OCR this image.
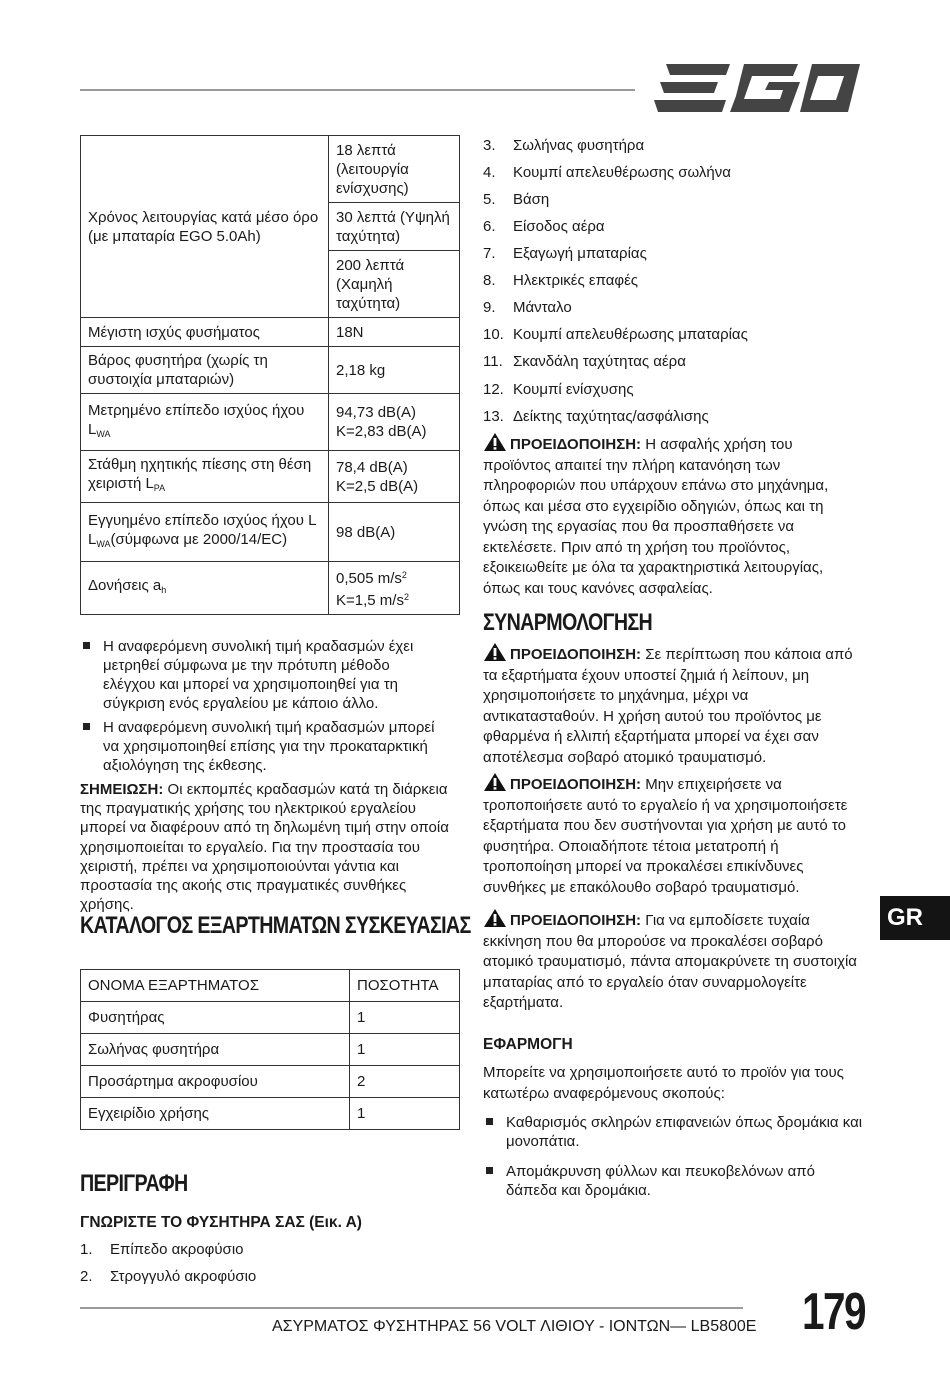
Χρόνος λειτουργίας κατά μέσο όρο (με μπαταρία EGO 5.0Ah)	18 λεπτά (λειτουργία ενίσχυσης)
	30 λεπτά (Υψηλή ταχύτητα)
	200 λεπτά (Χαμηλή ταχύτητα)
Μέγιστη ισχύς φυσήματος	18N
Βάρος φυσητήρα (χωρίς τη συστοιχία μπαταριών)	2,18 kg
Μετρημένο επίπεδο ισχύος ήχου $L_{WA}$	94,73 dB(A)
K=2,83 dB(A)
Στάθμη ηχητικής πίεσης στη θέση χειριστή $L_{PA}$	78,4 dB(A)
K=2,5 dB(A)
Εγγυημένο επίπεδο ισχύος ήχου L
$L_{WA}(\sigma ύ\mu\varphi\omega\nu\alpha$ με 2000/14/EC)	98 dB(A)
Δονήσεις $a_h$	0,505 $m/s^2$
K=1,5 $m/s^2$
Η αναφερόμενη συνολική τιμή κραδασμών έχει μετρηθεί σύμφωνα με την πρότυπη μέθοδο ελέγχου και μπορεί να χρησιμοποιηθεί για τη σύγκριση ενός εργαλείου με κάποιο άλλο.
Η αναφερόμενη συνολική τιμή κραδασμών μπορεί να χρησιμοποιηθεί επίσης για την προκαταρκτική αξιολόγηση της έκθεσης.
ΣΗΜΕΙΩΣΗ: Οι εκπομπές κραδασμών κατά τη διάρκεια της πραγματικής χρήσης του ηλεκτρικού εργαλείου μπορεί να διαφέρουν από τη δηλωμένη τιμή στην οποία χρησιμοποιείται το εργαλείο. Για την προστασία του χειριστή, πρέπει να χρησιμοποιούνται γάντια και προστασία της ακοής στις πραγματικές συνθήκες χρήσης.
ΚΑΤΑΛΟΓΟΣ ΕΞΑΡΤΗΜΑΤΩΝ ΣΥΣΚΕΥΑΣΙΑΣ
ΟΝΟΜΑ ΕΞΑΡΤΗΜΑΤΟΣ	ΠΟΣΟΤΗΤΑ
Φυσητήρας	1
Σωλήνας φυσητήρα	1
Προσάρτημα ακροφυσίου	2
Εγχειρίδιο χρήσης	1
ΠΕΡΙΓΡΑΦΗ
ΓΝΩΡΙΣΤΕ ΤΟ ΦΥΣΗΤΗΡΑ ΣΑΣ (Εικ. Α)
1. Επίπεδο ακροφύσιο
2. Στρογγυλό ακροφύσιο
3. Σωλήνας φυσητήρα
4. Κουμπί απελευθέρωσης σωλήνα
5. Βάση
6. Είσοδος αέρα
7. Εξαγωγή μπαταρίας
8. Ηλεκτρικές επαφές
9. Μάνταλο
10. Κουμπί απελευθέρωσης μπαταρίας
11. Σκανδάλη ταχύτητας αέρα
12. Κουμπί ενίσχυσης
13. Δείκτης ταχύτητας/ασφάλισης
ΠΡΟΕΙΔΟΠΟΙΗΣΗ: Η ασφαλής χρήση του προϊόντος απαιτεί την πλήρη κατανόηση των πληροφοριών που υπάρχουν επάνω στο μηχάνημα, όπως και μέσα στο εγχειρίδιο οδηγιών, όπως και τη γνώση της εργασίας που θα προσπαθήσετε να εκτελέσετε. Πριν από τη χρήση του προϊόντος, εξοικειωθείτε με όλα τα χαρακτηριστικά λειτουργίας, όπως και τους κανόνες ασφαλείας.
ΣΥΝΑΡΜΟΛΟΓΗΣΗ
ΠΡΟΕΙΔΟΠΟΙΗΣΗ: Σε περίπτωση που κάποια από τα εξαρτήματα έχουν υποστεί ζημιά ή λείπουν, μη χρησιμοποιήσετε το μηχάνημα, μέχρι να αντικατασταθούν. Η χρήση αυτού του προϊόντος με φθαρμένα ή ελλιπή εξαρτήματα μπορεί να έχει σαν αποτέλεσμα σοβαρό ατομικό τραυματισμό.
ΠΡΟΕΙΔΟΠΟΙΗΣΗ: Μην επιχειρήσετε να τροποποιήσετε αυτό το εργαλείο ή να χρησιμοποιήσετε εξαρτήματα που δεν συστήνονται για χρήση με αυτό το φυσητήρα. Οποιαδήποτε τέτοια μετατροπή ή τροποποίηση μπορεί να προκαλέσει επικίνδυνες συνθήκες με επακόλουθο σοβαρό τραυματισμό.
ΠΡΟΕΙΔΟΠΟΙΗΣΗ: Για να εμποδίσετε τυχαία εκκίνηση που θα μπορούσε να προκαλέσει σοβαρό ατομικό τραυματισμό, πάντα απομακρύνετε τη συστοιχία μπαταρίας από το εργαλείο όταν συναρμολογείτε εξαρτήματα.
ΕΦΑΡΜΟΓΗ
Μπορείτε να χρησιμοποιήσετε αυτό το προϊόν για τους κατωτέρω αναφερόμενους σκοπούς:
Καθαρισμός σκληρών επιφανειών όπως δρομάκια και μονοπάτια.
Απομάκρυνση φύλλων και πευκοβελόνων από δάπεδα και δρομάκια.
GR
ΑΣΥΡΜΑΤΟΣ ΦΥΣΗΤΗΡΑΣ 56 VOLT ΛΙΘΙΟΥ - ΙΟΝΤΩΝ— LB5800E 179
